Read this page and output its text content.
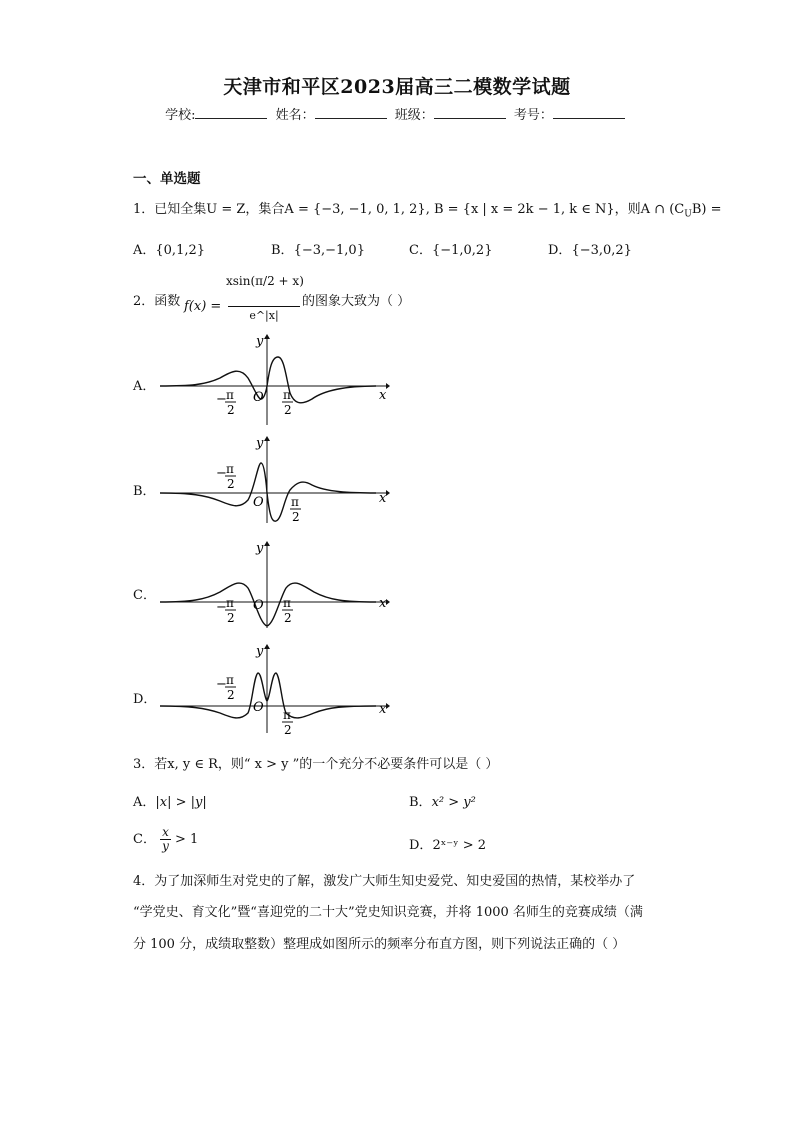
天津市和平区2023届高三二模数学试题
学校:	姓名：	班级：	考号：
一、单选题
1．已知全集U = Z，集合A = {−3, −1, 0, 1, 2}, B = {x | x = 2k − 1, k ∈ N}，则A ∩ $(C_UB)$ =
A．{0,1,2}	B．{−3,−1,0}	C．{−1,0,2}	D．{−3,0,2}
2．函数 f(x) =
xsin(π/2 + x)
e^|x|
的图象大致为（ ）
A．
B．
C．
D．
x
y
O
− π
2
π
2
x
y
O
− π
2
π
2
x
y
O
− π
2
π
2
x
y
O
− π
2
π
2
3．若x, y ∈ R，则“ x > y ”的一个充分不必要条件可以是（ ）
A．|x| > |y|	B．x² > y²
C． $\frac{x}{y} > 1$	D．2ˣ⁻ʸ > 2
4．为了加深师生对党史的了解，激发广大师生知史爱党、知史爱国的热情，某校举办了
“学党史、育文化”暨“喜迎党的二十大”党史知识竞赛，并将 1000 名师生的竞赛成绩（满
分 100 分，成绩取整数）整理成如图所示的频率分布直方图，则下列说法正确的（ ）
